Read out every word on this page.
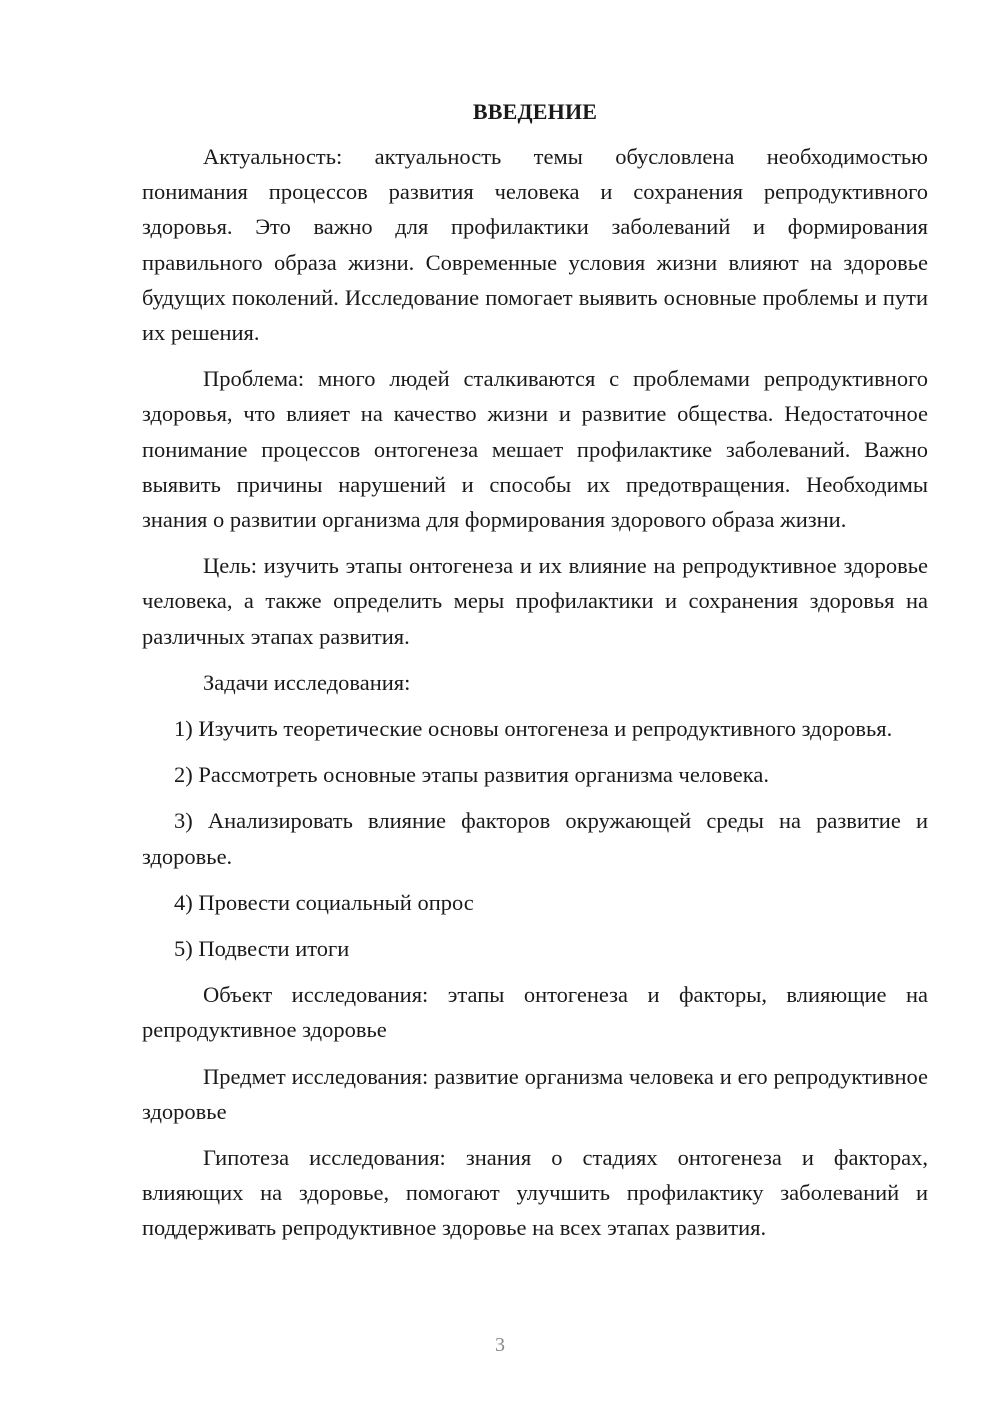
ВВЕДЕНИЕ

Актуальность: актуальность темы обусловлена необходимостью понимания процессов развития человека и сохранения репродуктивного здоровья. Это важно для профилактики заболеваний и формирования правильного образа жизни. Современные условия жизни влияют на здоровье будущих поколений. Исследование помогает выявить основные проблемы и пути их решения.

Проблема: много людей сталкиваются с проблемами репродуктивного здоровья, что влияет на качество жизни и развитие общества. Недостаточное понимание процессов онтогенеза мешает профилактике заболеваний. Важно выявить причины нарушений и способы их предотвращения. Необходимы знания о развитии организма для формирования здорового образа жизни.

Цель: изучить этапы онтогенеза и их влияние на репродуктивное здоровье человека, а также определить меры профилактики и сохранения здоровья на различных этапах развития.

Задачи исследования:

1) Изучить теоретические основы онтогенеза и репродуктивного здоровья.

2) Рассмотреть основные этапы развития организма человека.

3) Анализировать влияние факторов окружающей среды на развитие и здоровье.

4) Провести социальный опрос

5) Подвести итоги

Объект исследования: этапы онтогенеза и факторы, влияющие на репродуктивное здоровье

Предмет исследования: развитие организма человека и его репродуктивное здоровье

Гипотеза исследования: знания о стадиях онтогенеза и факторах, влияющих на здоровье, помогают улучшить профилактику заболеваний и поддерживать репродуктивное здоровье на всех этапах развития.

3
